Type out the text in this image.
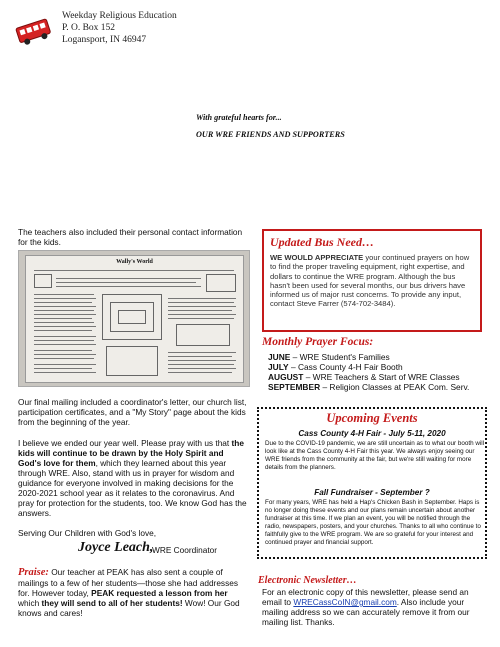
Weekday Religious Education
P. O. Box 152
Logansport, IN 46947
With grateful hearts for...
OUR WRE FRIENDS AND SUPPORTERS
The teachers also included their personal contact information for the kids.
Wally's World
Our final mailing included a coordinator's letter, our church list, participation certificates, and a "My Story" page about the kids from the beginning of the year.
I believe we ended our year well. Please pray with us that the kids will continue to be drawn by the Holy Spirit and God's love for them, which they learned about this year through WRE. Also, stand with us in prayer for wisdom and guidance for everyone involved in making decisions for the 2020-2021 school year as it relates to the coronavirus. And pray for protection for the students, too. We know God has the answers.
Serving Our Children with God's love,
Joyce Leach,
WRE Coordinator
Praise: Our teacher at PEAK has also sent a couple of mailings to a few of her students—those she had addresses for. However today, PEAK requested a lesson from her which they will send to all of her students! Wow! Our God knows and cares!
Updated Bus Need…
WE WOULD APPRECIATE your continued prayers on how to find the proper traveling equipment, right expertise, and dollars to continue the WRE program. Although the bus hasn't been used for several months, our bus drivers have informed us of major rust concerns. To provide any input, contact Steve Farrer (574-702-3484).
Monthly Prayer Focus:
JUNE – WRE Student's Families
JULY – Cass County 4-H Fair Booth
AUGUST – WRE Teachers & Start of WRE Classes
SEPTEMBER – Religion Classes at PEAK Com. Serv.
Upcoming Events
Cass County 4-H Fair - July 5-11, 2020
Due to the COVID-19 pandemic, we are still uncertain as to what our booth will look like at the Cass County 4-H Fair this year. We always enjoy seeing our WRE friends from the community at the fair, but we're still waiting for more details from the planners.
Fall Fundraiser - September ?
For many years, WRE has held a Hap's Chicken Bash in September. Haps is no longer doing these events and our plans remain uncertain about another fundraiser at this time. If we plan an event, you will be notified through the radio, newspapers, posters, and your churches. Thanks to all who continue to faithfully give to the WRE program. We are so grateful for your interest and continued prayer and financial support.
Electronic Newsletter…
For an electronic copy of this newsletter, please send an email to WRECassCoIN@gmail.com. Also include your mailing address so we can accurately remove it from our mailing list. Thanks.
